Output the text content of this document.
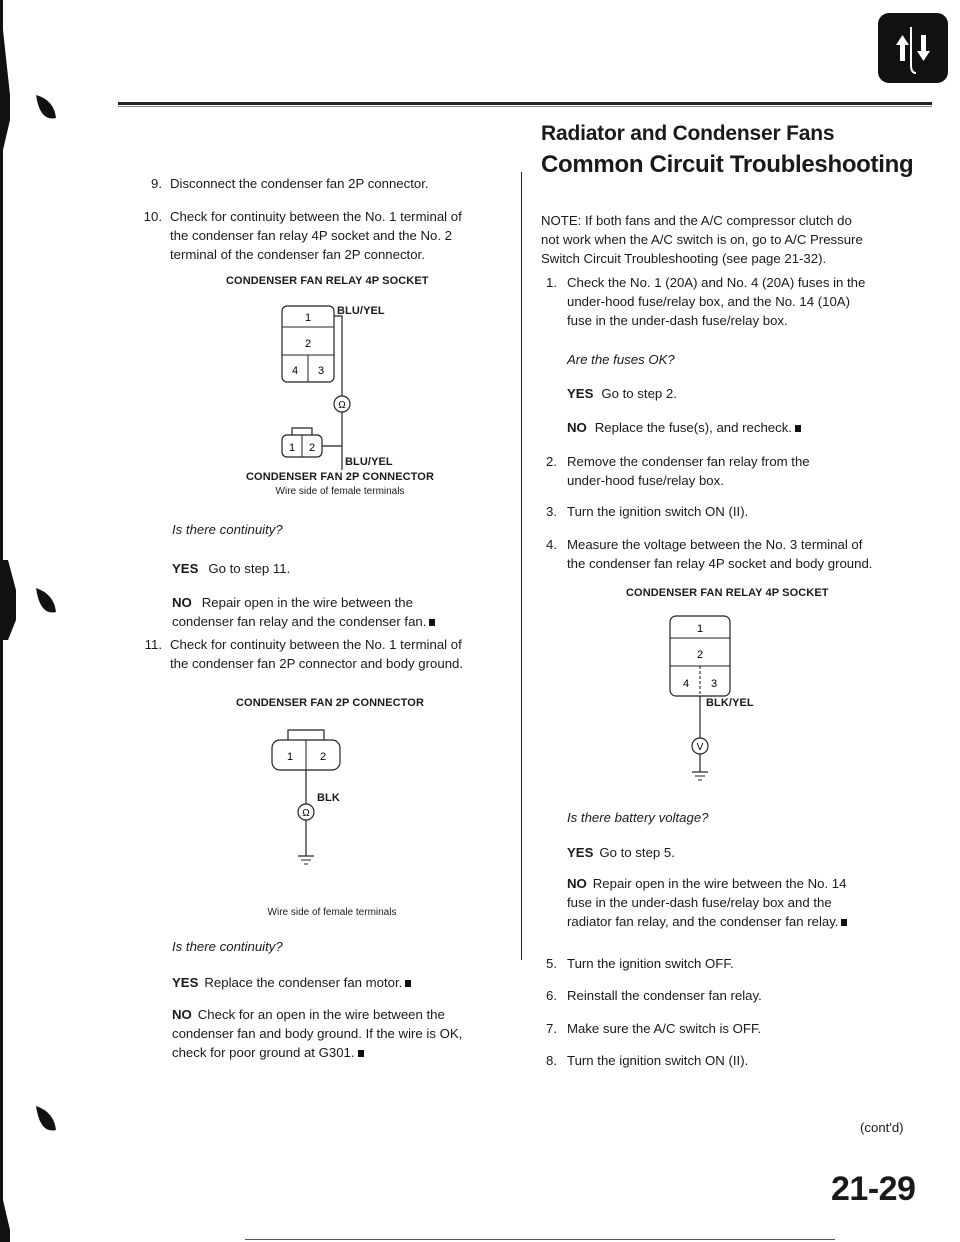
9. Disconnect the condenser fan 2P connector.
10. Check for continuity between the No. 1 terminal of
the condenser fan relay 4P socket and the No. 2
terminal of the condenser fan 2P connector.
CONDENSER FAN RELAY 4P SOCKET
1
2
4 3
Ω
1 2
BLU/YEL
BLU/YEL
CONDENSER FAN 2P CONNECTOR
Wire side of female terminals
Is there continuity?
YES Go to step 11.
NO Repair open in the wire between the
condenser fan relay and the condenser fan.
11. Check for continuity between the No. 1 terminal of
the condenser fan 2P connector and body ground.
CONDENSER FAN 2P CONNECTOR
1 2
Ω
BLK
Wire side of female terminals
Is there continuity?
YES Replace the condenser fan motor.
NO Check for an open in the wire between the
condenser fan and body ground. If the wire is OK,
check for poor ground at G301.
Radiator and Condenser Fans
Common Circuit Troubleshooting
NOTE: If both fans and the A/C compressor clutch do
not work when the A/C switch is on, go to A/C Pressure
Switch Circuit Troubleshooting (see page 21-32).
1. Check the No. 1 (20A) and No. 4 (20A) fuses in the
under-hood fuse/relay box, and the No. 14 (10A)
fuse in the under-dash fuse/relay box.
Are the fuses OK?
YES Go to step 2.
NO Replace the fuse(s), and recheck.
2. Remove the condenser fan relay from the
under-hood fuse/relay box.
3. Turn the ignition switch ON (II).
4. Measure the voltage between the No. 3 terminal of
the condenser fan relay 4P socket and body ground.
CONDENSER FAN RELAY 4P SOCKET
1
2
4 3
V
BLK/YEL
Is there battery voltage?
YES Go to step 5.
NO Repair open in the wire between the No. 14
fuse in the under-dash fuse/relay box and the
radiator fan relay, and the condenser fan relay.
5. Turn the ignition switch OFF.
6. Reinstall the condenser fan relay.
7. Make sure the A/C switch is OFF.
8. Turn the ignition switch ON (II).
(cont'd)
21-29
